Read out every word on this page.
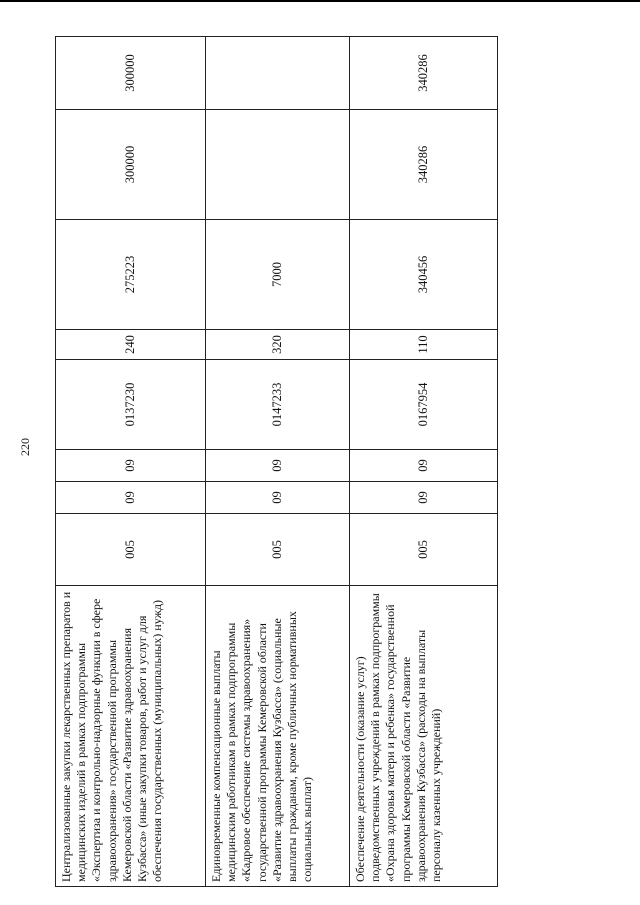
220
Централизованные закупки лекарственных препаратов и медицинских изделий в рамках подпрограммы «Экспертиза и контрольно-надзорные функции в сфере здравоохранения» государственной программы Кемеровской области «Развитие здравоохранения Кузбасса» (иные закупки товаров, работ и услуг для обеспечения государственных (муниципальных) нужд)	005	09	09	0137230	240	275223	300000	300000
Единовременные компенсационные выплаты медицинским работникам в рамках подпрограммы «Кадровое обеспечение системы здравоохранения» государственной программы Кемеровской области «Развитие здравоохранения Кузбасса» (социальные выплаты гражданам, кроме публичных нормативных социальных выплат)	005	09	09	0147233	320	7000		
Обеспечение деятельности (оказание услуг) подведомственных учреждений в рамках подпрограммы «Охрана здоровья матери и ребенка» государственной программы Кемеровской области «Развитие здравоохранения Кузбасса» (расходы на выплаты персоналу казенных учреждений)	005	09	09	0167954	110	340456	340286	340286
